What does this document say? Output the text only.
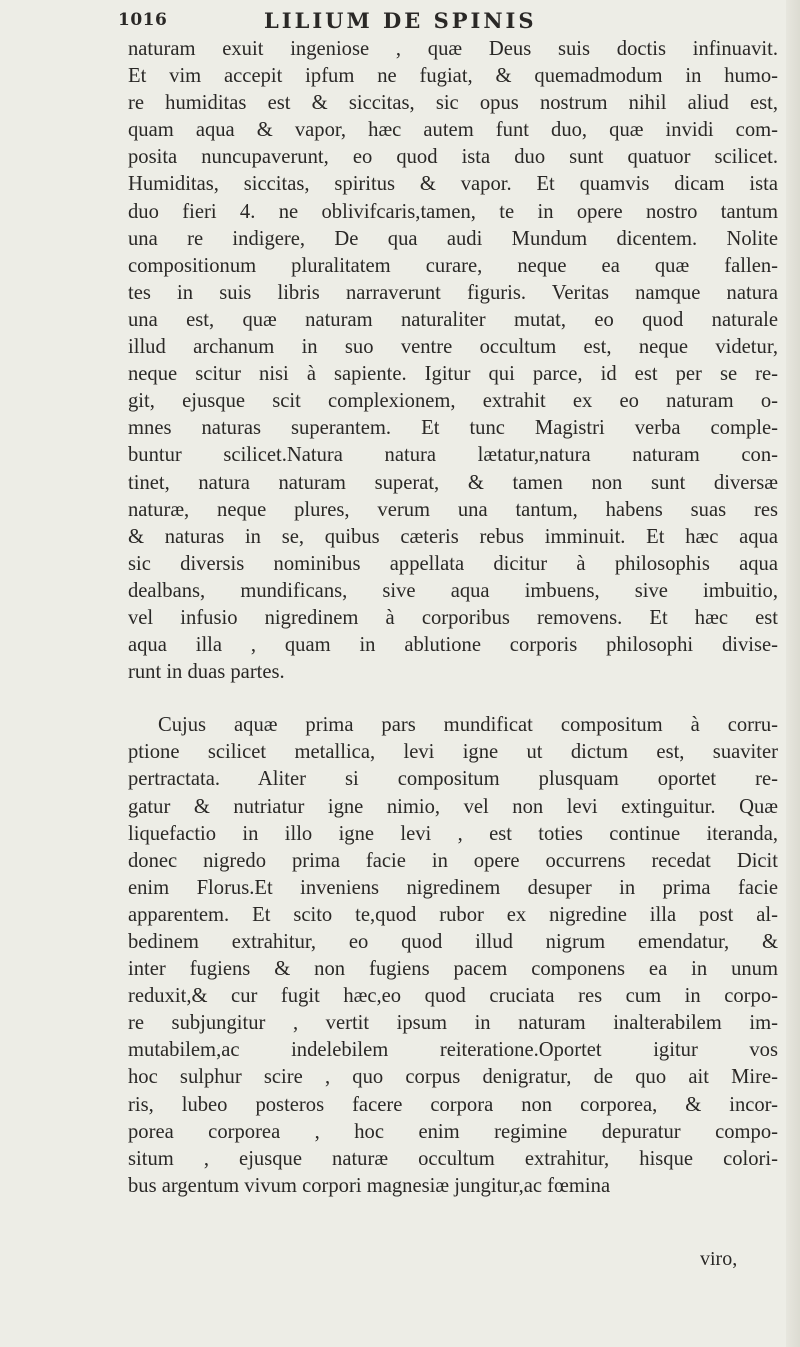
1016	LILIUM DE SPINIS
naturam exuit ingeniose , quæ Deus suis doctis infinuavit.
Et vim accepit ipfum ne fugiat, & quemadmodum in humo-
re humiditas est & siccitas, sic opus nostrum nihil aliud est,
quam aqua & vapor, hæc autem funt duo, quæ invidi com-
posita nuncupaverunt, eo quod ista duo sunt quatuor scilicet.
Humiditas, siccitas, spiritus & vapor. Et quamvis dicam ista
duo fieri 4. ne oblivifcaris,tamen, te in opere nostro tantum
una re indigere, De qua audi Mundum dicentem. Nolite
compositionum pluralitatem curare, neque ea quæ fallen-
tes in suis libris narraverunt figuris. Veritas namque natura
una est, quæ naturam naturaliter mutat, eo quod naturale
illud archanum in suo ventre occultum est, neque videtur,
neque scitur nisi à sapiente. Igitur qui parce, id est per se re-
git, ejusque scit complexionem, extrahit ex eo naturam o-
mnes naturas superantem. Et tunc Magistri verba comple-
buntur scilicet.Natura natura lætatur,natura naturam con-
tinet, natura naturam superat, & tamen non sunt diversæ
naturæ, neque plures, verum una tantum, habens suas res
& naturas in se, quibus cæteris rebus imminuit. Et hæc aqua
sic diversis nominibus appellata dicitur à philosophis aqua
dealbans, mundificans, sive aqua imbuens, sive imbuitio,
vel infusio nigredinem à corporibus removens. Et hæc est
aqua illa , quam in ablutione corporis philosophi divise-
runt in duas partes.
Cujus aquæ prima pars mundificat compositum à corru-
ptione scilicet metallica, levi igne ut dictum est, suaviter
pertractata. Aliter si compositum plusquam oportet re-
gatur & nutriatur igne nimio, vel non levi extinguitur. Quæ
liquefactio in illo igne levi , est toties continue iteranda,
donec nigredo prima facie in opere occurrens recedat Dicit
enim Florus.Et inveniens nigredinem desuper in prima facie
apparentem. Et scito te,quod rubor ex nigredine illa post al-
bedinem extrahitur, eo quod illud nigrum emendatur, &
inter fugiens & non fugiens pacem componens ea in unum
reduxit,& cur fugit hæc,eo quod cruciata res cum in corpo-
re subjungitur , vertit ipsum in naturam inalterabilem im-
mutabilem,ac indelebilem reiteratione.Oportet igitur vos
hoc sulphur scire , quo corpus denigratur, de quo ait Mire-
ris, lubeo posteros facere corpora non corporea, & incor-
porea corporea , hoc enim regimine depuratur compo-
situm , ejusque naturæ occultum extrahitur, hisque colori-
bus argentum vivum corpori magnesiæ jungitur,ac fœmina
viro,
